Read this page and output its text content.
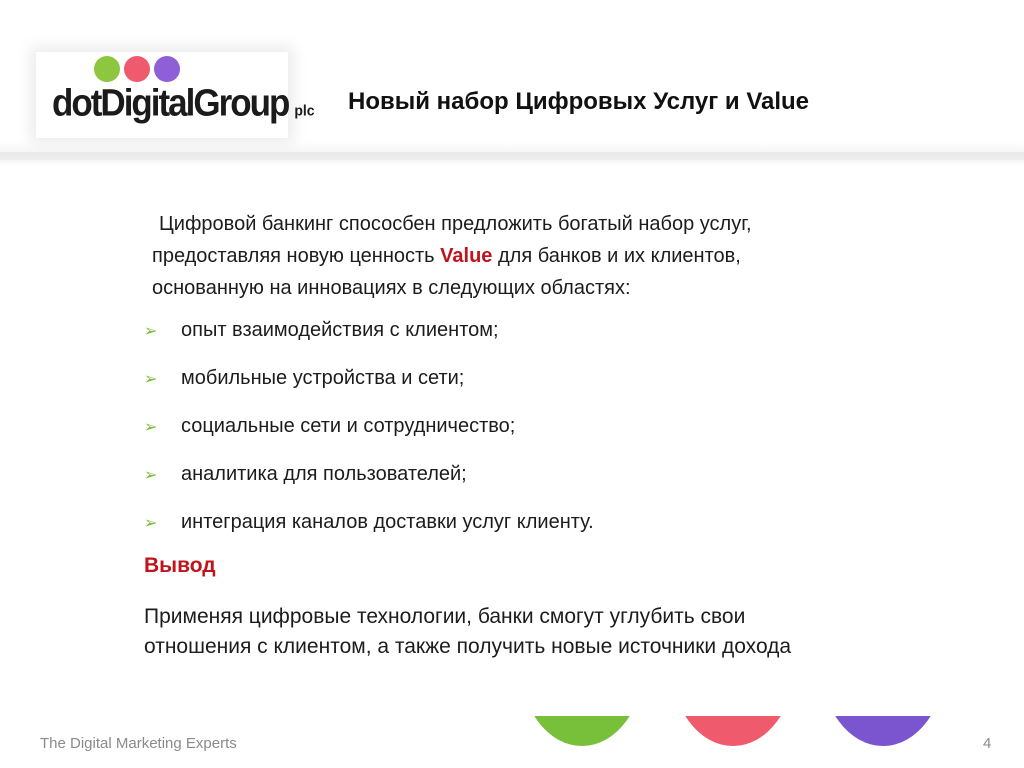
dotDigitalGroup plc Новый набор Цифровых Услуг и Value
Цифровой банкинг спососбен предложить богатый набор услуг,
предоставляя новую ценность Value для банков и их клиентов,
основанную на инновациях в следующих областях:
➢ опыт взаимодействия с клиентом;
➢ мобильные устройства и сети;
➢ социальные сети и сотрудничество;
➢ аналитика для пользователей;
➢ интеграция каналов доставки услуг клиенту.
Вывод

Применяя цифровые технологии, банки смогут углубить свои
отношения с клиентом, а также получить новые источники дохода

The Digital Marketing Experts	4
